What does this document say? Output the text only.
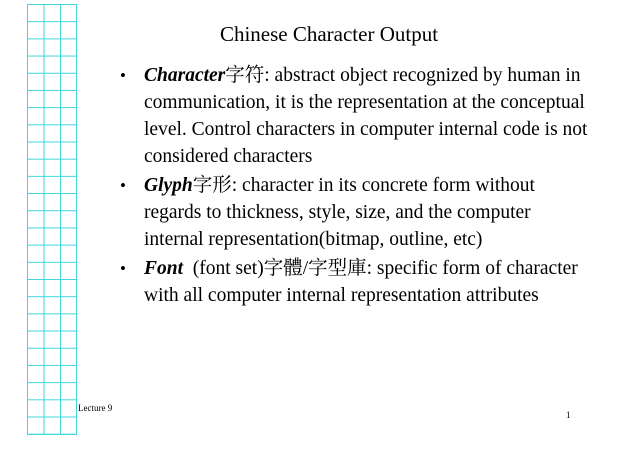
Chinese Character Output
• Character字符: abstract object recognized by human in communication, it is the representation at the conceptual level. Control characters in computer internal code is not considered characters
• Glyph字形: character in its concrete form without regards to thickness, style, size, and the computer internal representation(bitmap, outline, etc)
• Font  (font set)字體/字型庫: specific form of character with all computer internal representation attributes
Lecture 9
1
